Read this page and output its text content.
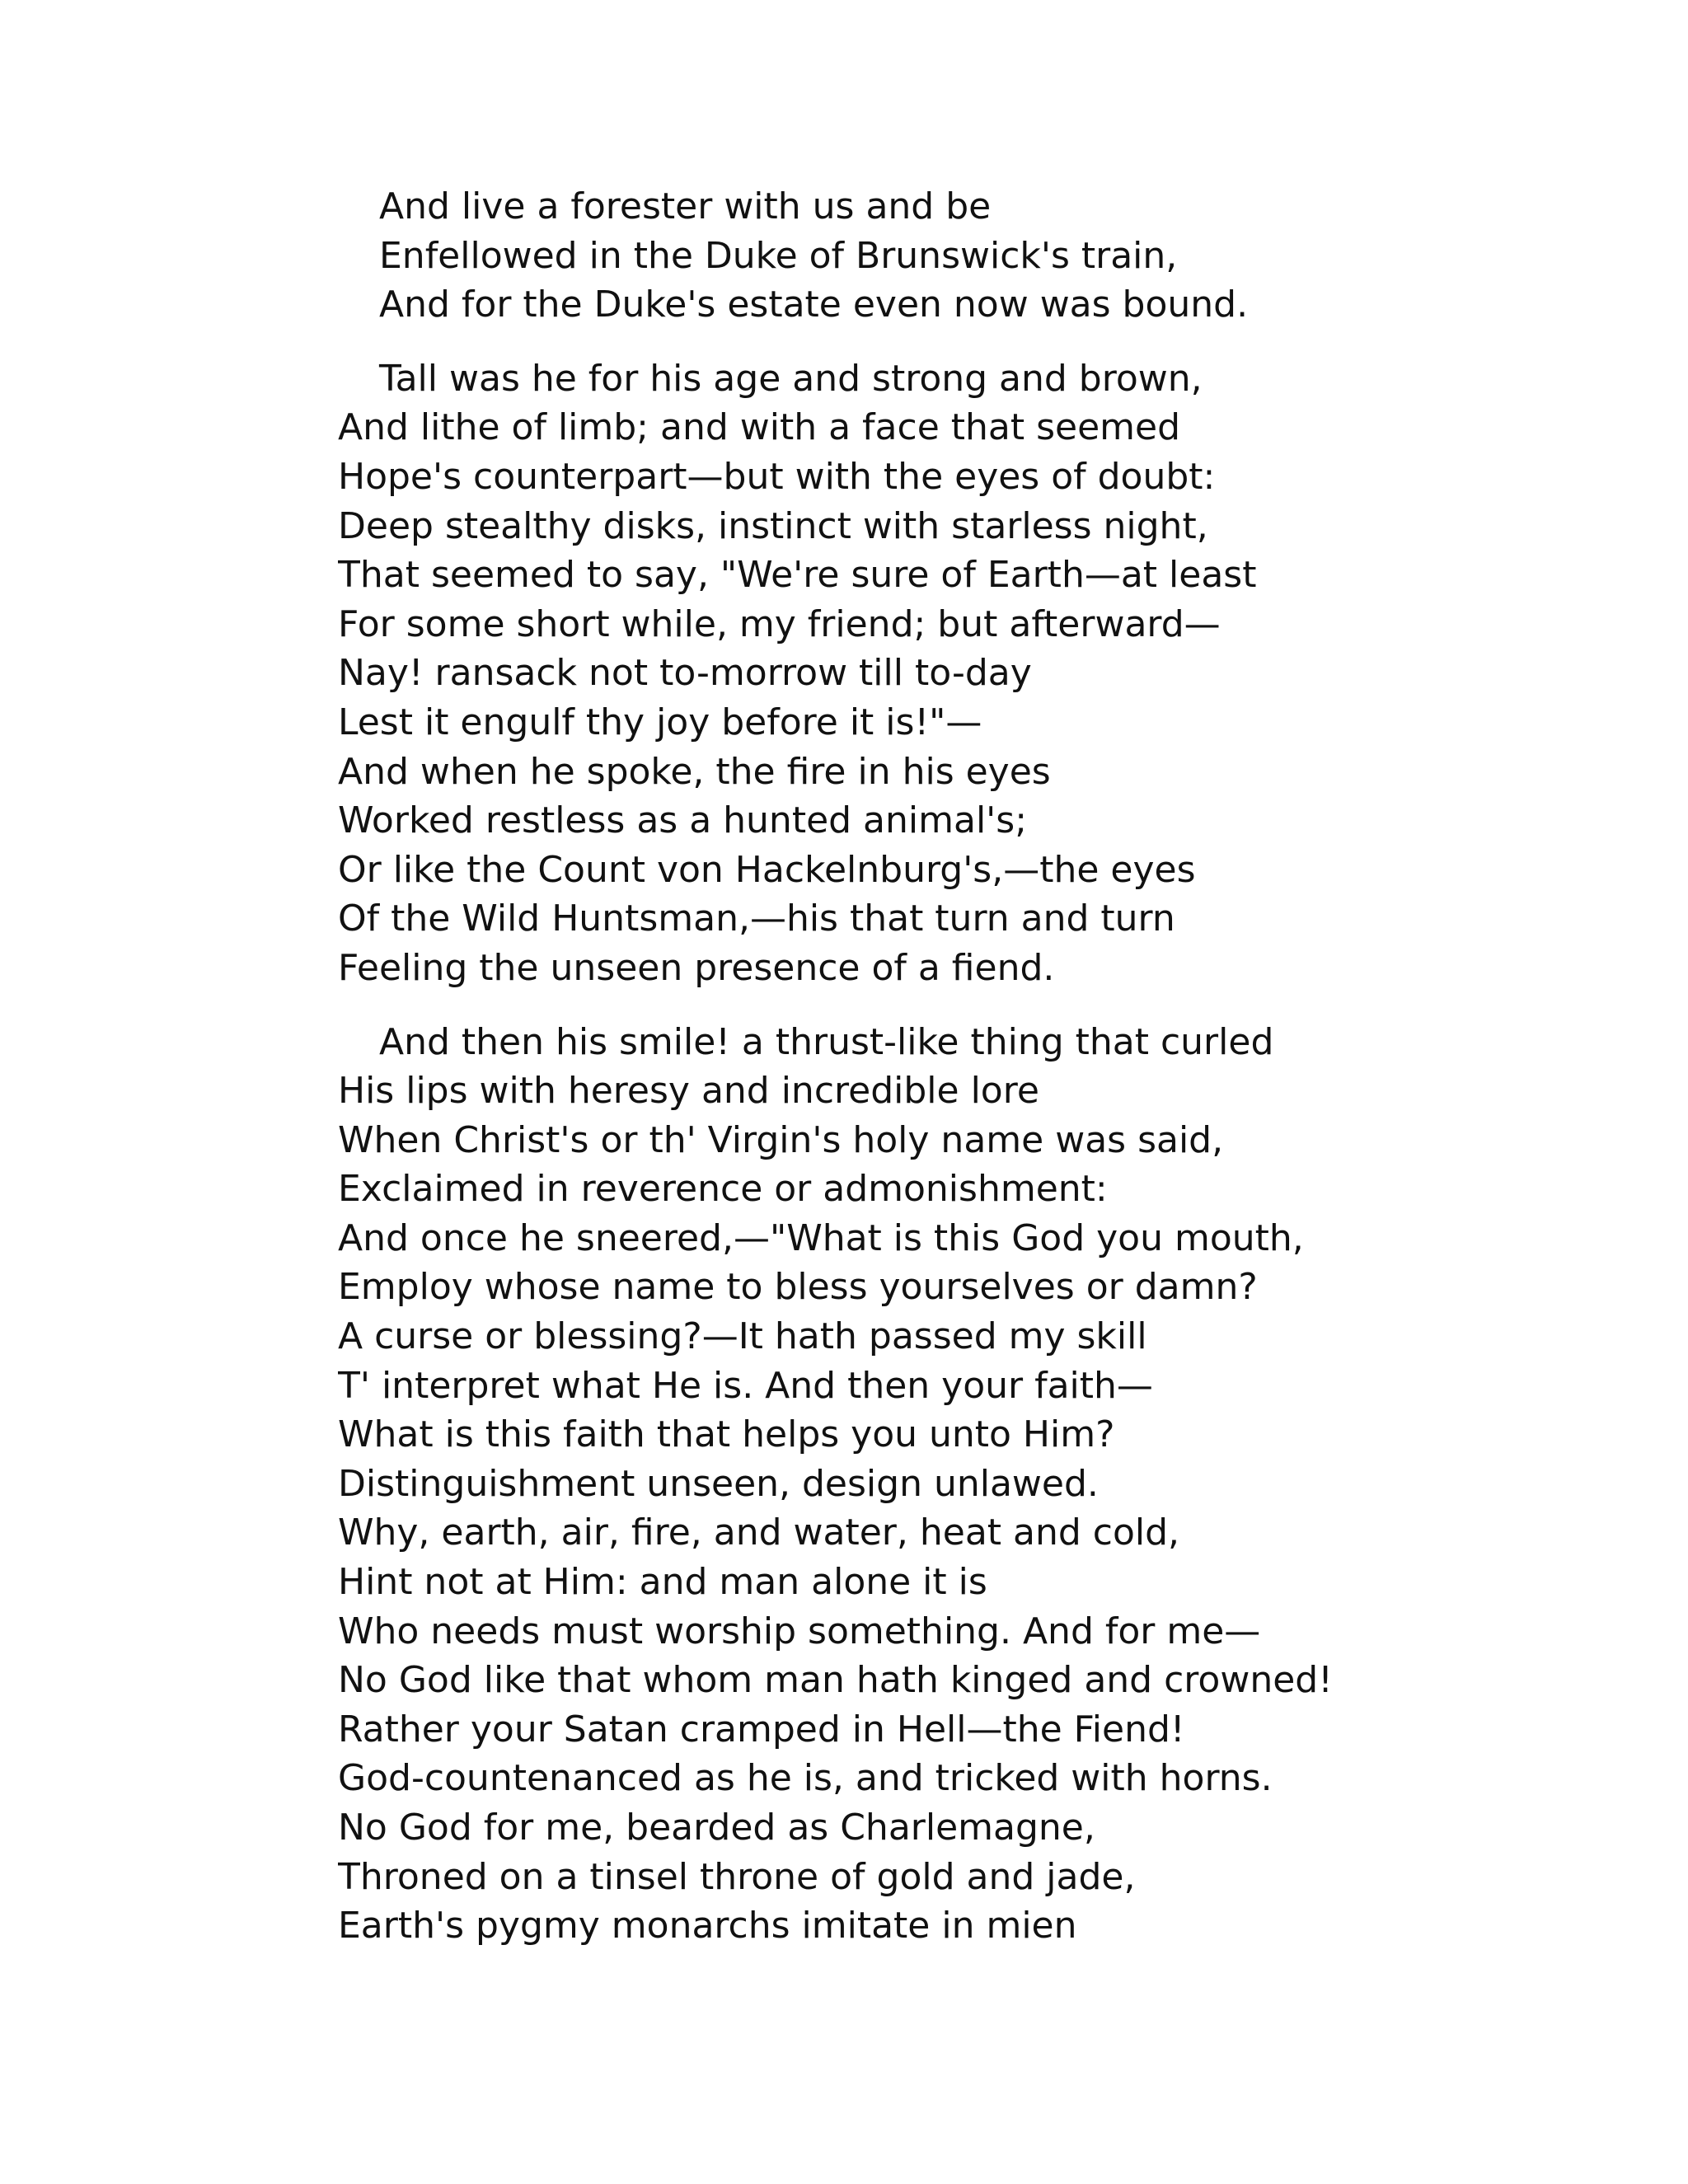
And live a forester with us and be
Enfellowed in the Duke of Brunswick's train,
And for the Duke's estate even now was bound.
Tall was he for his age and strong and brown,
And lithe of limb; and with a face that seemed
Hope's counterpart—but with the eyes of doubt:
Deep stealthy disks, instinct with starless night,
That seemed to say, "We're sure of Earth—at least
For some short while, my friend; but afterward—
Nay! ransack not to-morrow till to-day
Lest it engulf thy joy before it is!"—
And when he spoke, the fire in his eyes
Worked restless as a hunted animal's;
Or like the Count von Hackelnburg's,—the eyes
Of the Wild Huntsman,—his that turn and turn
Feeling the unseen presence of a fiend.
And then his smile! a thrust-like thing that curled
His lips with heresy and incredible lore
When Christ's or th' Virgin's holy name was said,
Exclaimed in reverence or admonishment:
And once he sneered,—"What is this God you mouth,
Employ whose name to bless yourselves or damn?
A curse or blessing?—It hath passed my skill
T' interpret what He is. And then your faith—
What is this faith that helps you unto Him?
Distinguishment unseen, design unlawed.
Why, earth, air, fire, and water, heat and cold,
Hint not at Him: and man alone it is
Who needs must worship something. And for me—
No God like that whom man hath kinged and crowned!
Rather your Satan cramped in Hell—the Fiend!
God-countenanced as he is, and tricked with horns.
No God for me, bearded as Charlemagne,
Throned on a tinsel throne of gold and jade,
Earth's pygmy monarchs imitate in mien
